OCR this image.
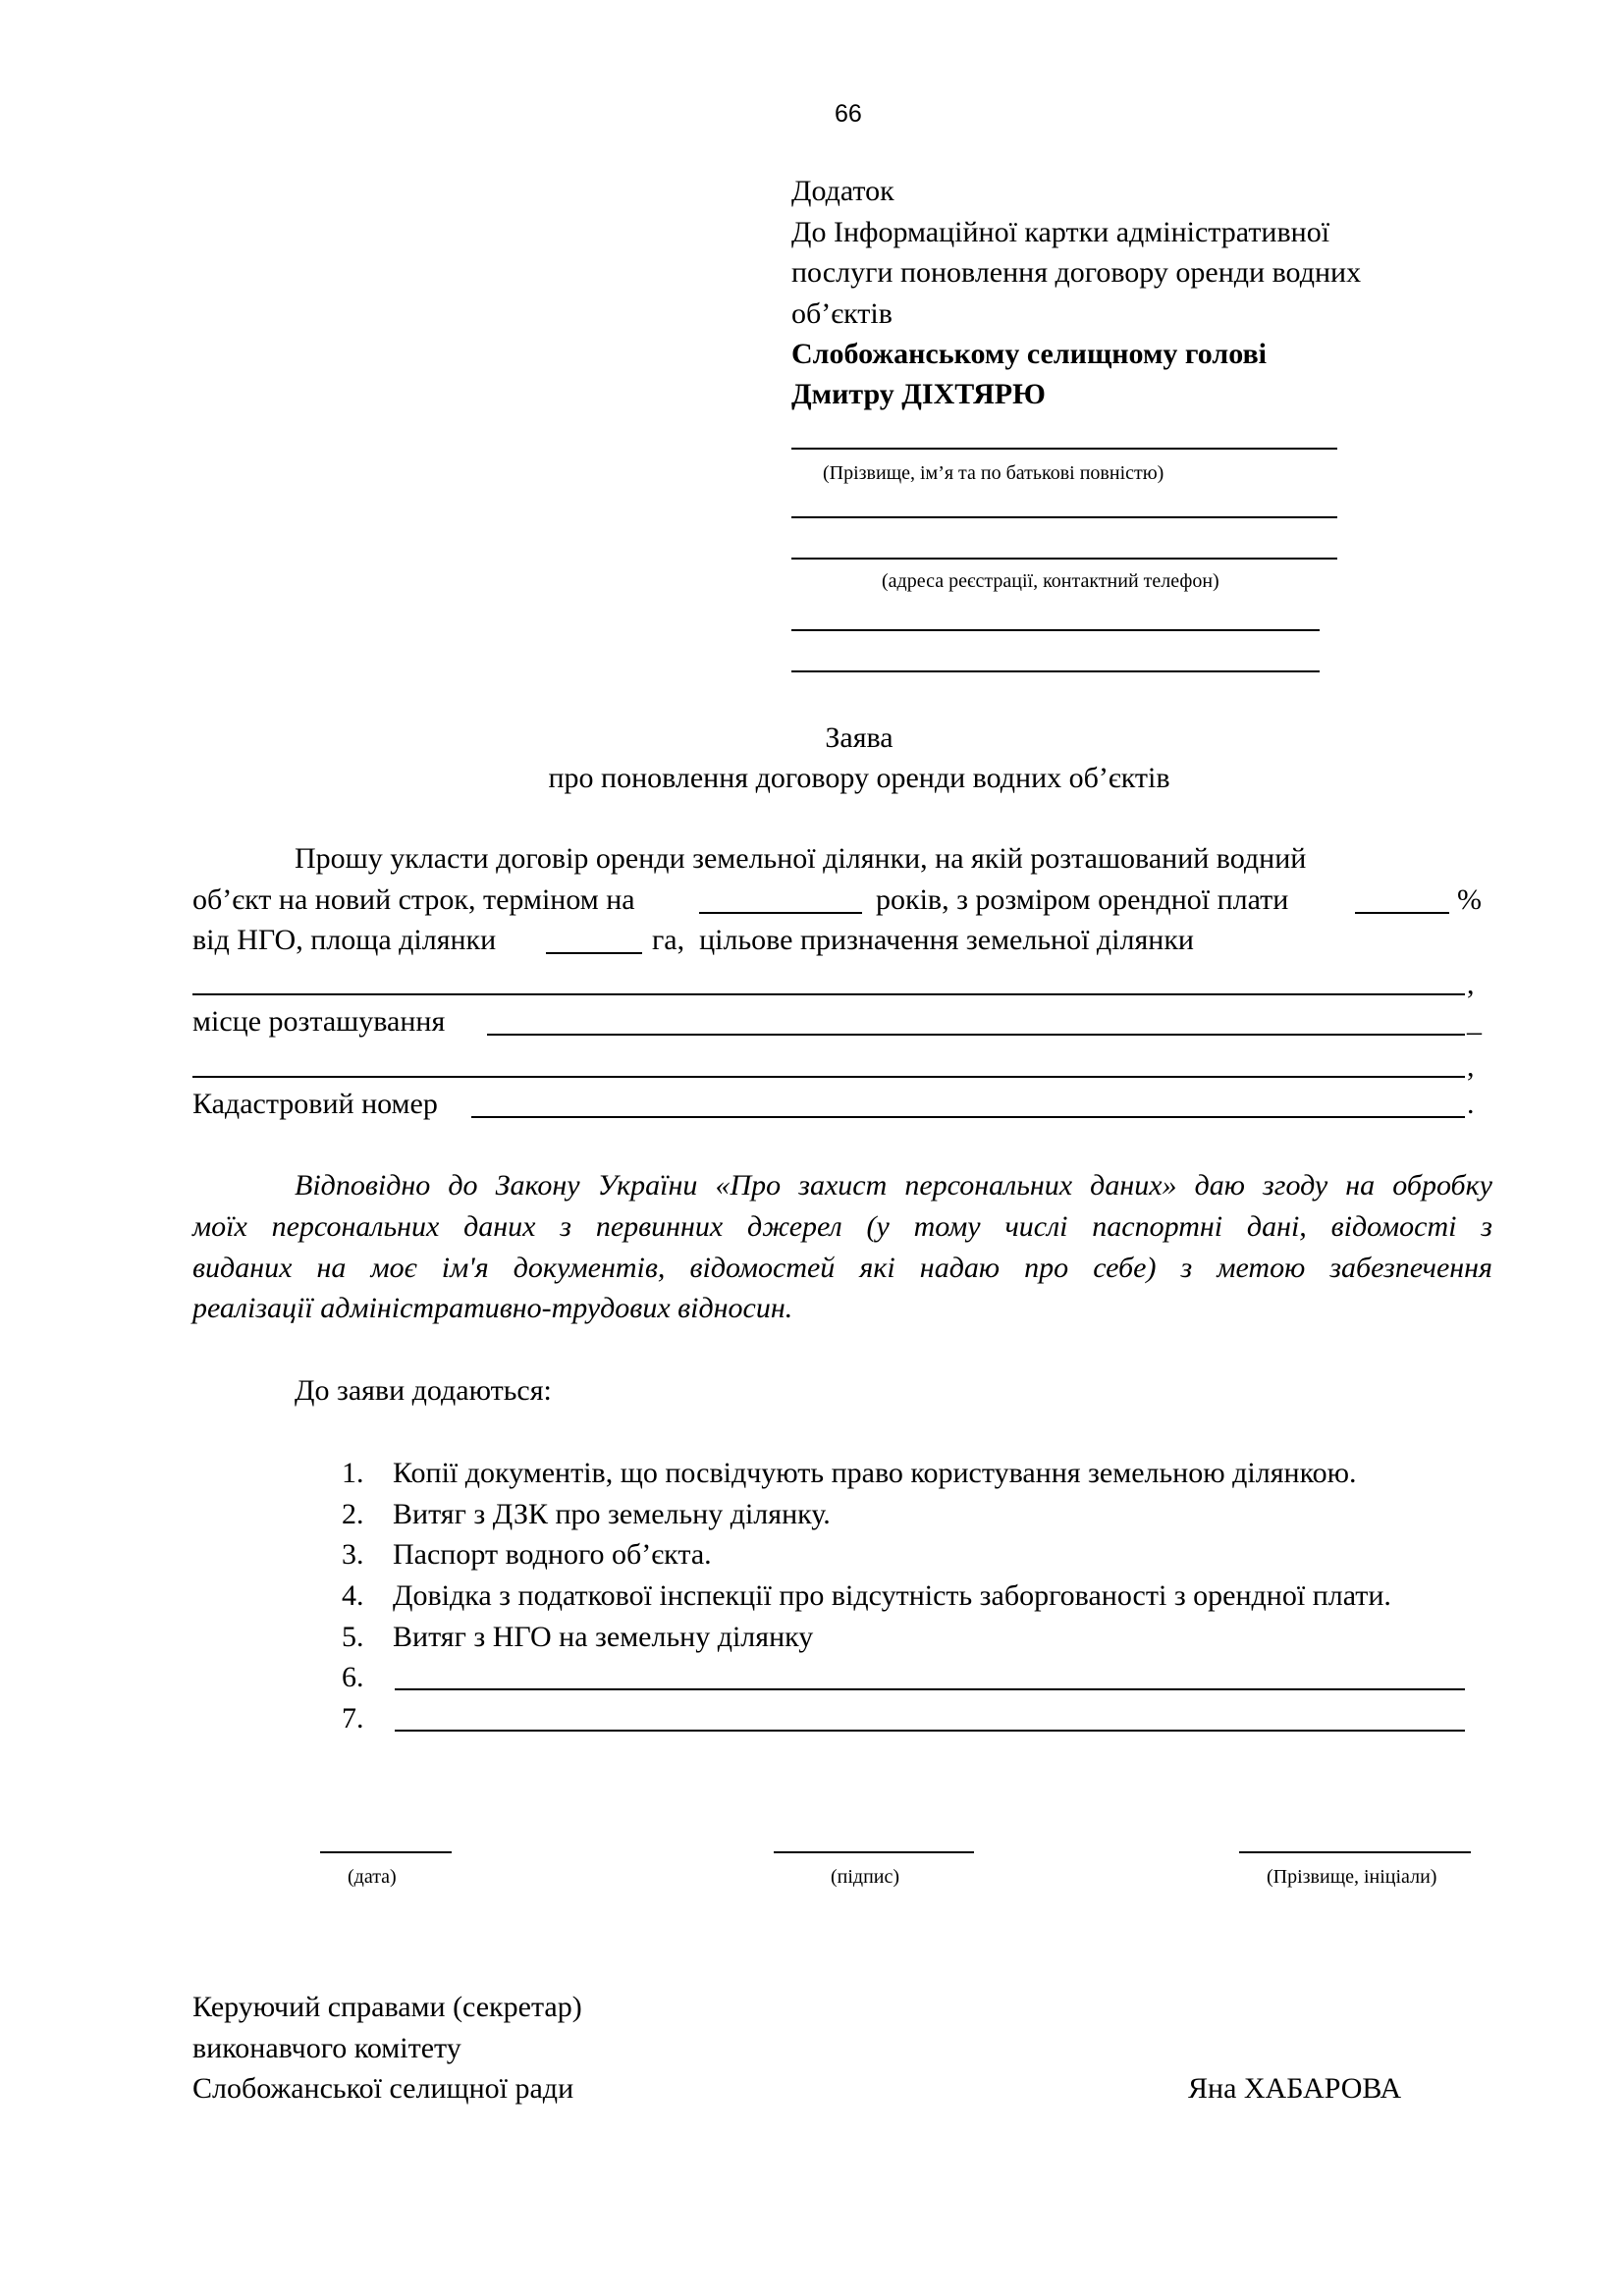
66
Додаток
До Інформаційної картки адміністративної
послуги поновлення договору оренди водних
об’єктів
Слобожанському селищному голові
Дмитру ДІХТЯРЮ
(Прізвище, ім’я та по батькові повністю)
(адреса реєстрації, контактний телефон)
Заява
про поновлення договору оренди водних об’єктів
Прошу укласти договір оренди земельної ділянки, на якій розташований водний
об’єкт на новий строк, терміном на	років, з розміром орендної плати	%
від НГО, площа ділянки	га,  цільове призначення земельної ділянки
,
місце розташування	_
,
Кадастровий номер	.
Відповідно до Закону України «Про захист персональних даних» даю згоду на обробку
моїх персональних даних з первинних джерел (у тому числі паспортні дані, відомості з
виданих на моє ім'я документів, відомостей які надаю про себе) з метою забезпечення
реалізації адміністративно-трудових відносин.
До заяви додаються:
1. Копії документів, що посвідчують право користування земельною ділянкою.
2. Витяг з ДЗК про земельну ділянку.
3. Паспорт водного об’єкта.
4. Довідка з податкової інспекції про відсутність заборгованості з орендної плати.
5. Витяг з НГО на земельну ділянку
6.
7.
(дата)	(підпис)	(Прізвище, ініціали)
Керуючий справами (секретар)
виконавчого комітету
Слобожанської селищної ради	Яна ХАБАРОВА
